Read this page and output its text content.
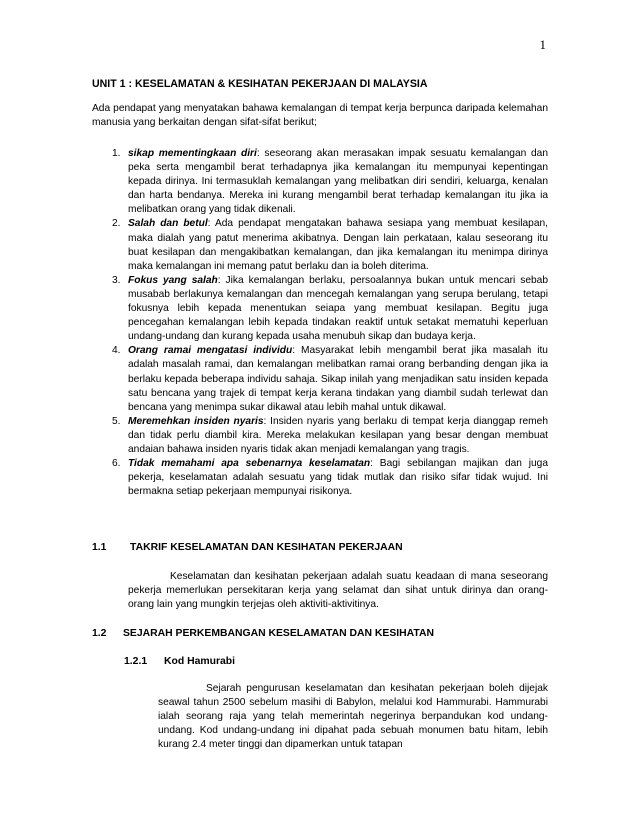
1
UNIT 1 : KESELAMATAN & KESIHATAN PEKERJAAN DI MALAYSIA
Ada pendapat yang menyatakan bahawa kemalangan di tempat kerja berpunca daripada kelemahan manusia yang berkaitan dengan sifat-sifat berikut;
1. sikap mementingkaan diri: seseorang akan merasakan impak sesuatu kemalangan dan peka serta mengambil berat terhadapnya jika kemalangan itu mempunyai kepentingan kepada dirinya. Ini termasuklah kemalangan yang melibatkan diri sendiri, keluarga, kenalan dan harta bendanya. Mereka ini kurang mengambil berat terhadap kemalangan itu jika ia melibatkan orang yang tidak dikenali.
2. Salah dan betul: Ada pendapat mengatakan bahawa sesiapa yang membuat kesilapan, maka dialah yang patut menerima akibatnya. Dengan lain perkataan, kalau seseorang itu buat kesilapan dan mengakibatkan kemalangan, dan jika kemalangan itu menimpa dirinya maka kemalangan ini memang patut berlaku dan ia boleh diterima.
3. Fokus yang salah: Jika kemalangan berlaku, persoalannya bukan untuk mencari sebab musabab berlakunya kemalangan dan mencegah kemalangan yang serupa berulang, tetapi fokusnya lebih kepada menentukan seiapa yang membuat kesilapan. Begitu juga pencegahan kemalangan lebih kepada tindakan reaktif untuk setakat mematuhi keperluan undang-undang dan kurang kepada usaha menubuh sikap dan budaya kerja.
4. Orang ramai mengatasi individu: Masyarakat lebih mengambil berat jika masalah itu adalah masalah ramai, dan kemalangan melibatkan ramai orang berbanding dengan jika ia berlaku kepada beberapa individu sahaja. Sikap inilah yang menjadikan satu insiden kepada satu bencana yang trajek di tempat kerja kerana tindakan yang diambil sudah terlewat dan bencana yang menimpa sukar dikawal atau lebih mahal untuk dikawal.
5. Meremehkan insiden nyaris: Insiden nyaris yang berlaku di tempat kerja dianggap remeh dan tidak perlu diambil kira. Mereka melakukan kesilapan yang besar dengan membuat andaian bahawa insiden nyaris tidak akan menjadi kemalangan yang tragis.
6. Tidak memahami apa sebenarnya keselamatan: Bagi sebilangan majikan dan juga pekerja, keselamatan adalah sesuatu yang tidak mutlak dan risiko sifar tidak wujud. Ini bermakna setiap pekerjaan mempunyai risikonya.
1.1 TAKRIF KESELAMATAN DAN KESIHATAN PEKERJAAN
Keselamatan dan kesihatan pekerjaan adalah suatu keadaan di mana seseorang pekerja memerlukan persekitaran kerja yang selamat dan sihat untuk dirinya dan orang-orang lain yang mungkin terjejas oleh aktiviti-aktivitinya.
1.2 SEJARAH PERKEMBANGAN KESELAMATAN DAN KESIHATAN
1.2.1 Kod Hamurabi
Sejarah pengurusan keselamatan dan kesihatan pekerjaan boleh dijejak seawal tahun 2500 sebelum masihi di Babylon, melalui kod Hammurabi. Hammurabi ialah seorang raja yang telah memerintah negerinya berpandukan kod undang-undang. Kod undang-undang ini dipahat pada sebuah monumen batu hitam, lebih kurang 2.4 meter tinggi dan dipamerkan untuk tatapan
